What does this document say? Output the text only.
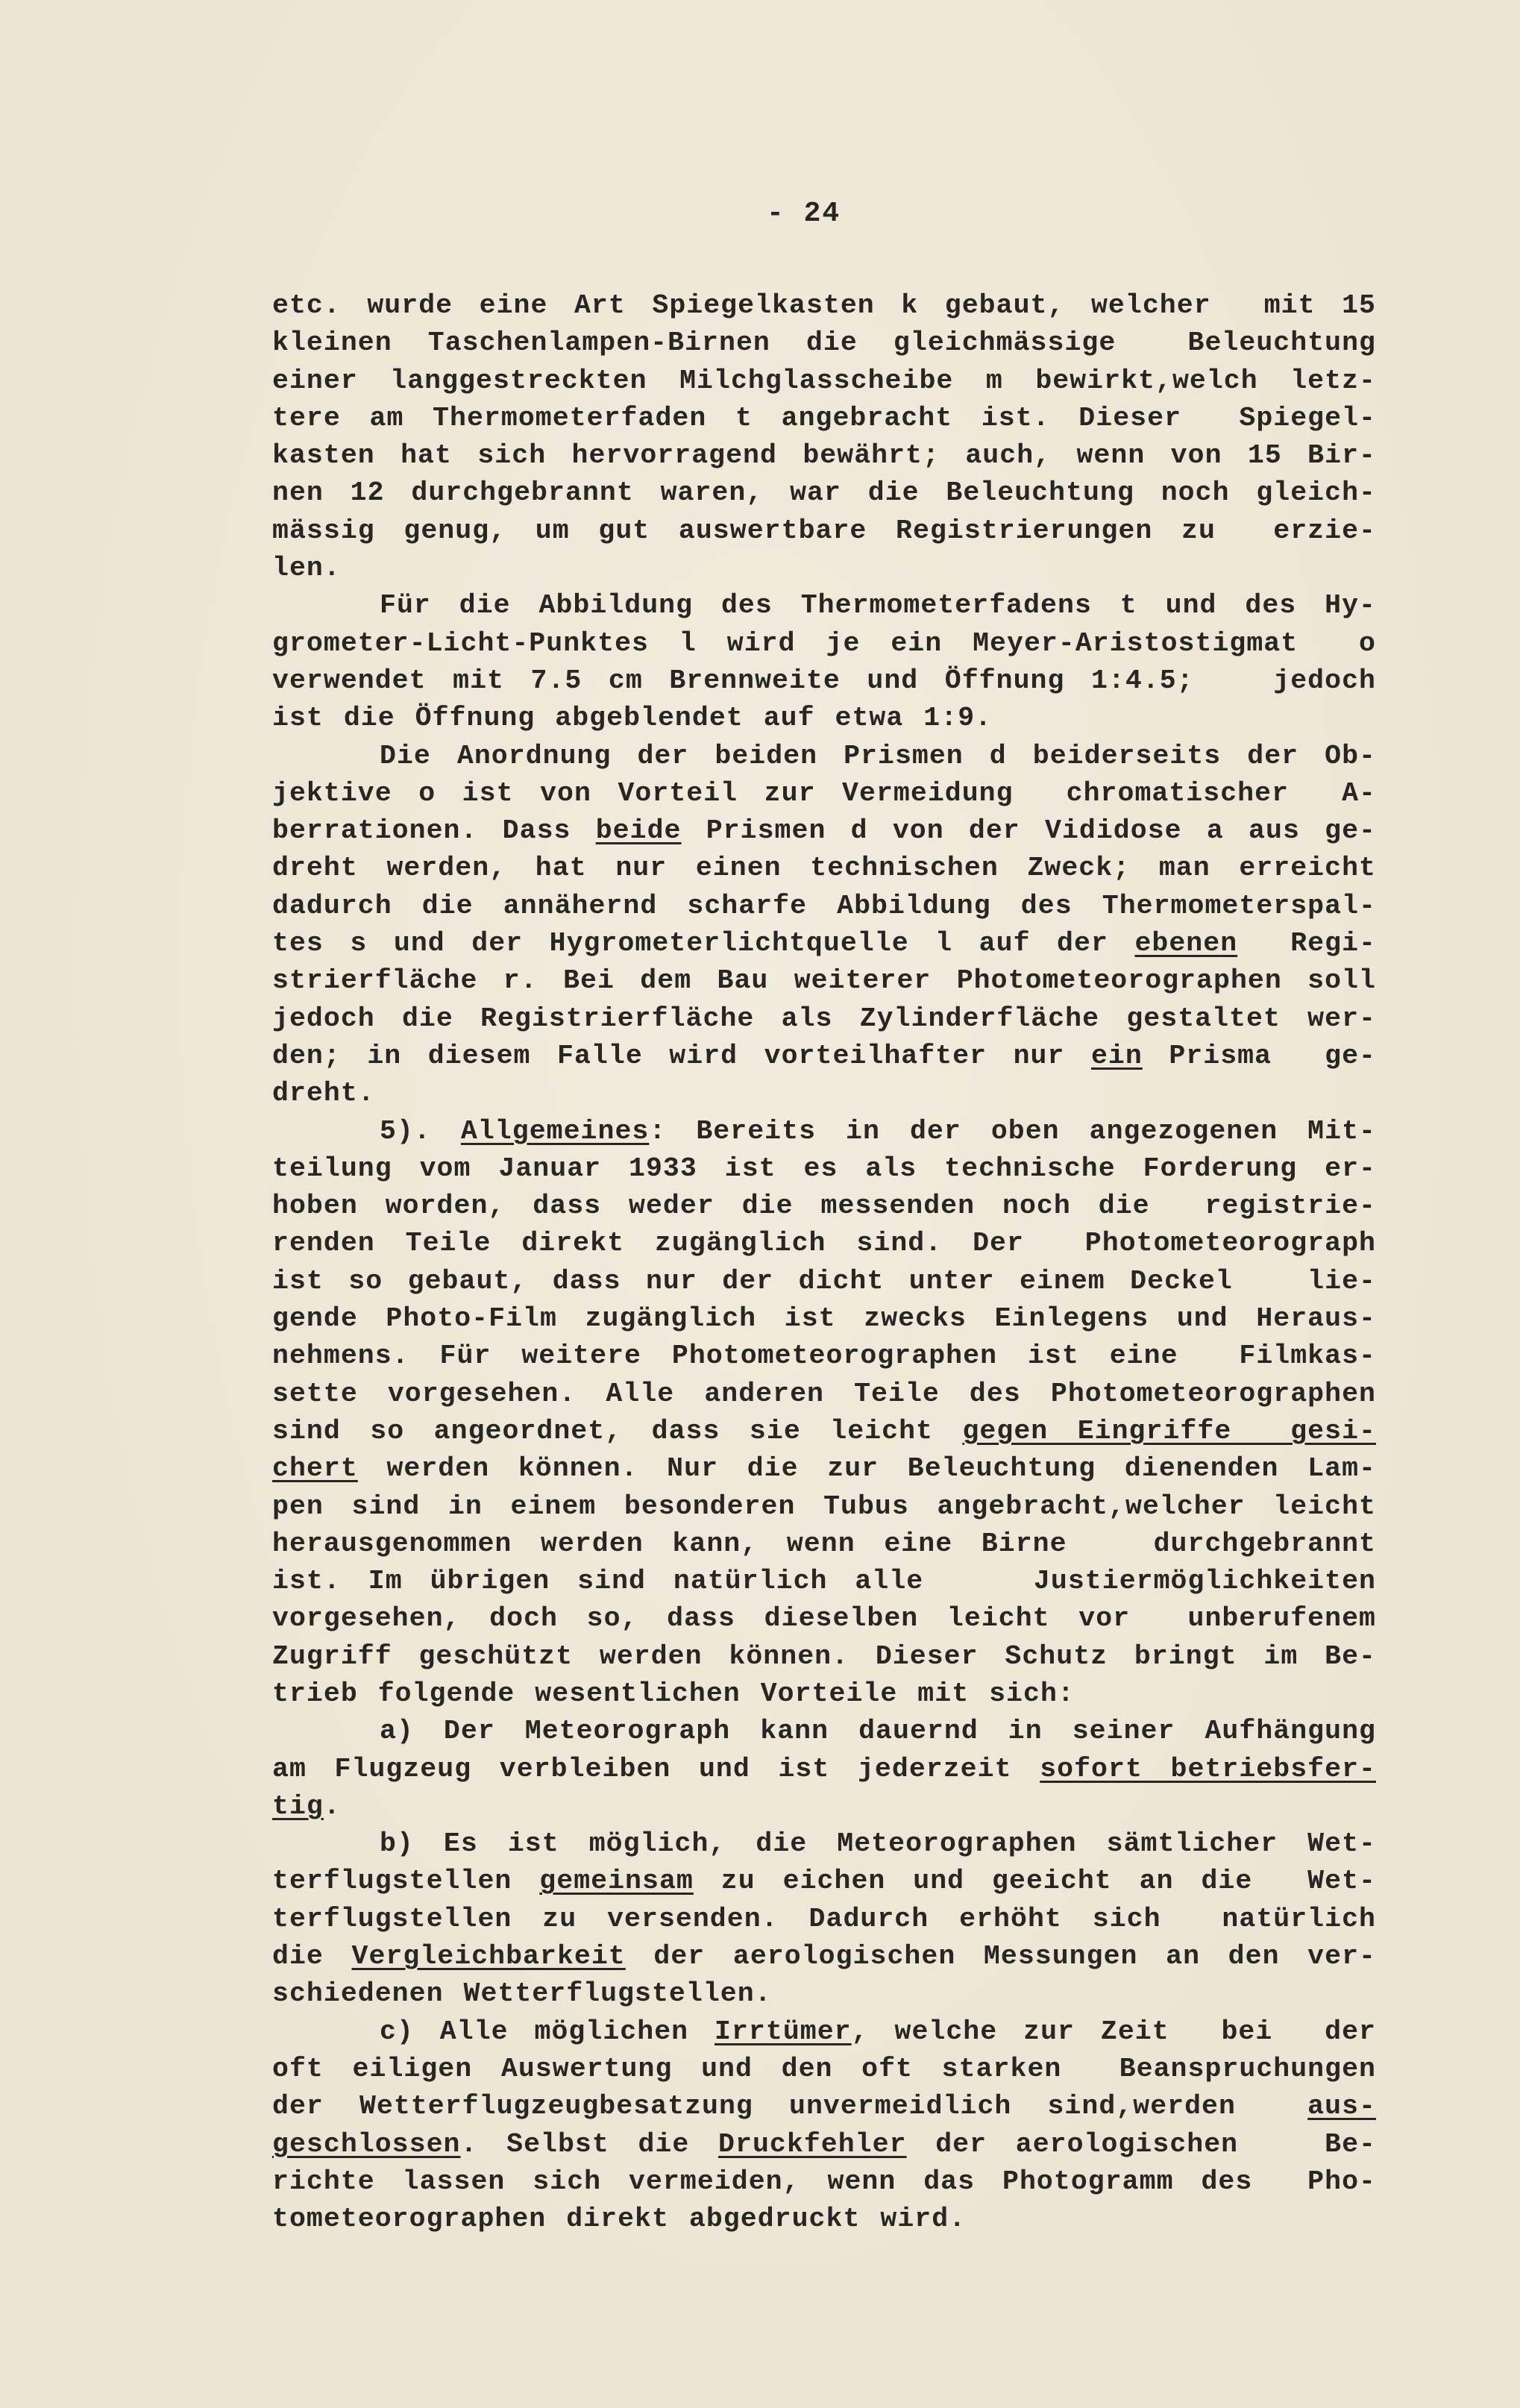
- 24
etc. wurde eine Art Spiegelkasten k gebaut, welcher  mit 15
kleinen Taschenlampen-Birnen die gleichmässige  Beleuchtung
einer langgestreckten Milchglasscheibe m bewirkt,welch letz-
tere am Thermometerfaden t angebracht ist. Dieser  Spiegel-
kasten hat sich hervorragend bewährt; auch, wenn von 15 Bir-
nen 12 durchgebrannt waren, war die Beleuchtung noch gleich-
mässig genug, um gut auswertbare Registrierungen zu  erzie-
len.
Für die Abbildung des Thermometerfadens t und des Hy-
grometer-Licht-Punktes l wird je ein Meyer-Aristostigmat  o
verwendet mit 7.5 cm Brennweite und Öffnung 1:4.5;   jedoch
ist die Öffnung abgeblendet auf etwa 1:9.
Die Anordnung der beiden Prismen d beiderseits der Ob-
jektive o ist von Vorteil zur Vermeidung  chromatischer  A-
berrationen. Dass beide Prismen d von der Vididose a aus ge-
dreht werden, hat nur einen technischen Zweck; man erreicht
dadurch die annähernd scharfe Abbildung des Thermometerspal-
tes s und der Hygrometerlichtquelle l auf der ebenen  Regi-
strierfläche r. Bei dem Bau weiterer Photometeorographen soll
jedoch die Registrierfläche als Zylinderfläche gestaltet wer-
den; in diesem Falle wird vorteilhafter nur ein Prisma  ge-
dreht.
5). Allgemeines: Bereits in der oben angezogenen Mit-
teilung vom Januar 1933 ist es als technische Forderung er-
hoben worden, dass weder die messenden noch die  registrie-
renden Teile direkt zugänglich sind. Der  Photometeorograph
ist so gebaut, dass nur der dicht unter einem Deckel   lie-
gende Photo-Film zugänglich ist zwecks Einlegens und Heraus-
nehmens. Für weitere Photometeorographen ist eine  Filmkas-
sette vorgesehen. Alle anderen Teile des Photometeorographen
sind so angeordnet, dass sie leicht gegen Eingriffe  gesi-
chert werden können. Nur die zur Beleuchtung dienenden Lam-
pen sind in einem besonderen Tubus angebracht,welcher leicht
herausgenommen werden kann, wenn eine Birne   durchgebrannt
ist. Im übrigen sind natürlich alle    Justiermöglichkeiten
vorgesehen, doch so, dass dieselben leicht vor  unberufenem
Zugriff geschützt werden können. Dieser Schutz bringt im Be-
trieb folgende wesentlichen Vorteile mit sich:
a) Der Meteorograph kann dauernd in seiner Aufhängung
am Flugzeug verbleiben und ist jederzeit sofort betriebsfer-
tig.
b) Es ist möglich, die Meteorographen sämtlicher Wet-
terflugstellen gemeinsam zu eichen und geeicht an die  Wet-
terflugstellen zu versenden. Dadurch erhöht sich  natürlich
die Vergleichbarkeit der aerologischen Messungen an den ver-
schiedenen Wetterflugstellen.
c) Alle möglichen Irrtümer, welche zur Zeit  bei  der
oft eiligen Auswertung und den oft starken  Beanspruchungen
der Wetterflugzeugbesatzung unvermeidlich sind,werden  aus-
geschlossen. Selbst die Druckfehler der aerologischen   Be-
richte lassen sich vermeiden, wenn das Photogramm des  Pho-
tometeorographen direkt abgedruckt wird.
